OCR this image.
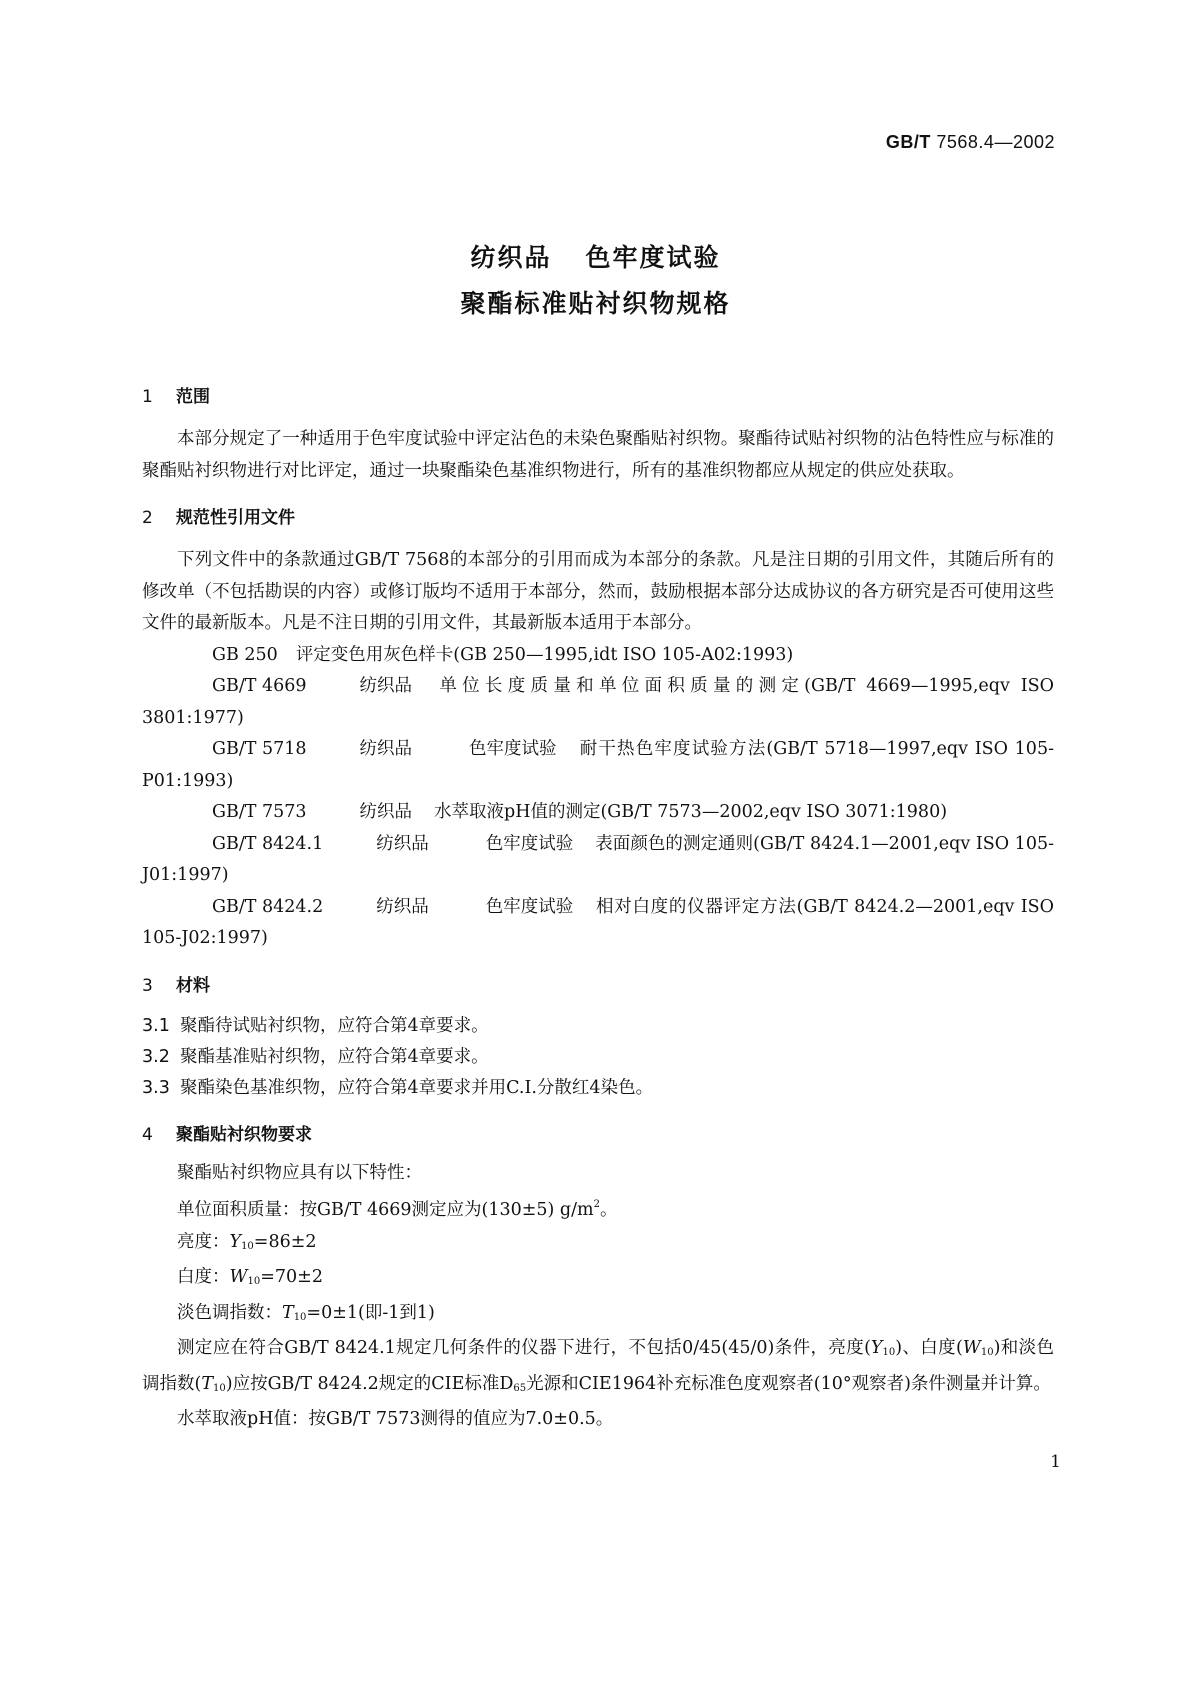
GB/T 7568.4—2002
纺织品 色牢度试验
聚酯标准贴衬织物规格
1 范围

本部分规定了一种适用于色牢度试验中评定沾色的未染色聚酯贴衬织物。聚酯待试贴衬织物的沾色特性应与标准的聚酯贴衬织物进行对比评定，通过一块聚酯染色基准织物进行，所有的基准织物都应从规定的供应处获取。

2 规范性引用文件

下列文件中的条款通过GB/T 7568的本部分的引用而成为本部分的条款。凡是注日期的引用文件，其随后所有的修改单（不包括勘误的内容）或修订版均不适用于本部分，然而，鼓励根据本部分达成协议的各方研究是否可使用这些文件的最新版本。凡是不注日期的引用文件，其最新版本适用于本部分。

GB 250 评定变色用灰色样卡(GB 250—1995,idt ISO 105-A02:1993)

GB/T 4669	纺织品 单位长度质量和单位面积质量的测定(GB/T 4669—1995,eqv ISO 3801:1977)

GB/T 5718	纺织品	色牢度试验 耐干热色牢度试验方法(GB/T 5718—1997,eqv ISO 105-P01:1993)

GB/T 7573	纺织品 水萃取液pH值的测定(GB/T 7573—2002,eqv ISO 3071:1980)

GB/T 8424.1	纺织品	色牢度试验 表面颜色的测定通则(GB/T 8424.1—2001,eqv ISO 105-J01:1997)

GB/T 8424.2	纺织品	色牢度试验 相对白度的仪器评定方法(GB/T 8424.2—2001,eqv ISO 105-J02:1997)

3 材料

3.1 聚酯待试贴衬织物，应符合第4章要求。

3.2 聚酯基准贴衬织物，应符合第4章要求。

3.3 聚酯染色基准织物，应符合第4章要求并用C.I.分散红4染色。

4 聚酯贴衬织物要求

聚酯贴衬织物应具有以下特性：

单位面积质量：按GB/T 4669测定应为(130±5) $g/m^2$。

亮度：$Y_{10}=86\pm 2$

白度：$W_{10}=70\pm 2$

淡色调指数：$T_{10}=0\pm 1$(即-1到1)

测定应在符合GB/T 8424.1规定几何条件的仪器下进行，不包括0/45(45/0)条件，亮度$(Y_{10})$、白度$(W_{10})$和淡色调指数$(T_{10})$应按GB/T 8424.2规定的CIE标准$D_{65}$光源和CIE1964补充标准色度观察者(10°观察者)条件测量并计算。

水萃取液pH值：按GB/T 7573测得的值应为7.0±0.5。

1
